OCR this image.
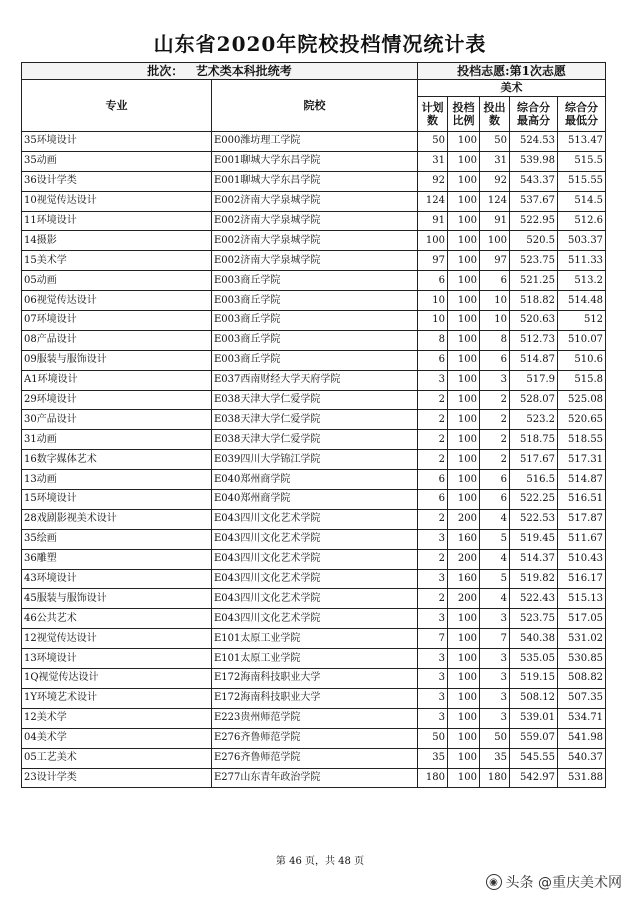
山东省2020年院校投档情况统计表
批次： 艺术类本科批统考		投档志愿:第1次志愿				
专业	院校	美术				
		计划数	投档比例	投出数	综合分最高分	综合分最低分
35环境设计	E000潍坊理工学院	50	100	50	524.53	513.47
35动画	E001聊城大学东昌学院	31	100	31	539.98	515.5
36设计学类	E001聊城大学东昌学院	92	100	92	543.37	515.55
10视觉传达设计	E002济南大学泉城学院	124	100	124	537.67	514.5
11环境设计	E002济南大学泉城学院	91	100	91	522.95	512.6
14摄影	E002济南大学泉城学院	100	100	100	520.5	503.37
15美术学	E002济南大学泉城学院	97	100	97	523.75	511.33
05动画	E003商丘学院	6	100	6	521.25	513.2
06视觉传达设计	E003商丘学院	10	100	10	518.82	514.48
07环境设计	E003商丘学院	10	100	10	520.63	512
08产品设计	E003商丘学院	8	100	8	512.73	510.07
09服装与服饰设计	E003商丘学院	6	100	6	514.87	510.6
A1环境设计	E037西南财经大学天府学院	3	100	3	517.9	515.8
29环境设计	E038天津大学仁爱学院	2	100	2	528.07	525.08
30产品设计	E038天津大学仁爱学院	2	100	2	523.2	520.65
31动画	E038天津大学仁爱学院	2	100	2	518.75	518.55
16数字媒体艺术	E039四川大学锦江学院	2	100	2	517.67	517.31
13动画	E040郑州商学院	6	100	6	516.5	514.87
15环境设计	E040郑州商学院	6	100	6	522.25	516.51
28戏剧影视美术设计	E043四川文化艺术学院	2	200	4	522.53	517.87
35绘画	E043四川文化艺术学院	3	160	5	519.45	511.67
36雕塑	E043四川文化艺术学院	2	200	4	514.37	510.43
43环境设计	E043四川文化艺术学院	3	160	5	519.82	516.17
45服装与服饰设计	E043四川文化艺术学院	2	200	4	522.43	515.13
46公共艺术	E043四川文化艺术学院	3	100	3	523.75	517.05
12视觉传达设计	E101太原工业学院	7	100	7	540.38	531.02
13环境设计	E101太原工业学院	3	100	3	535.05	530.85
1Q视觉传达设计	E172海南科技职业大学	3	100	3	519.15	508.82
1Y环境艺术设计	E172海南科技职业大学	3	100	3	508.12	507.35
12美术学	E223贵州师范学院	3	100	3	539.01	534.71
04美术学	E276齐鲁师范学院	50	100	50	559.07	541.98
05工艺美术	E276齐鲁师范学院	35	100	35	545.55	540.37
23设计学类	E277山东青年政治学院	180	100	180	542.97	531.88
第 46 页，共 48 页
◉ 头条 @重庆美术网
